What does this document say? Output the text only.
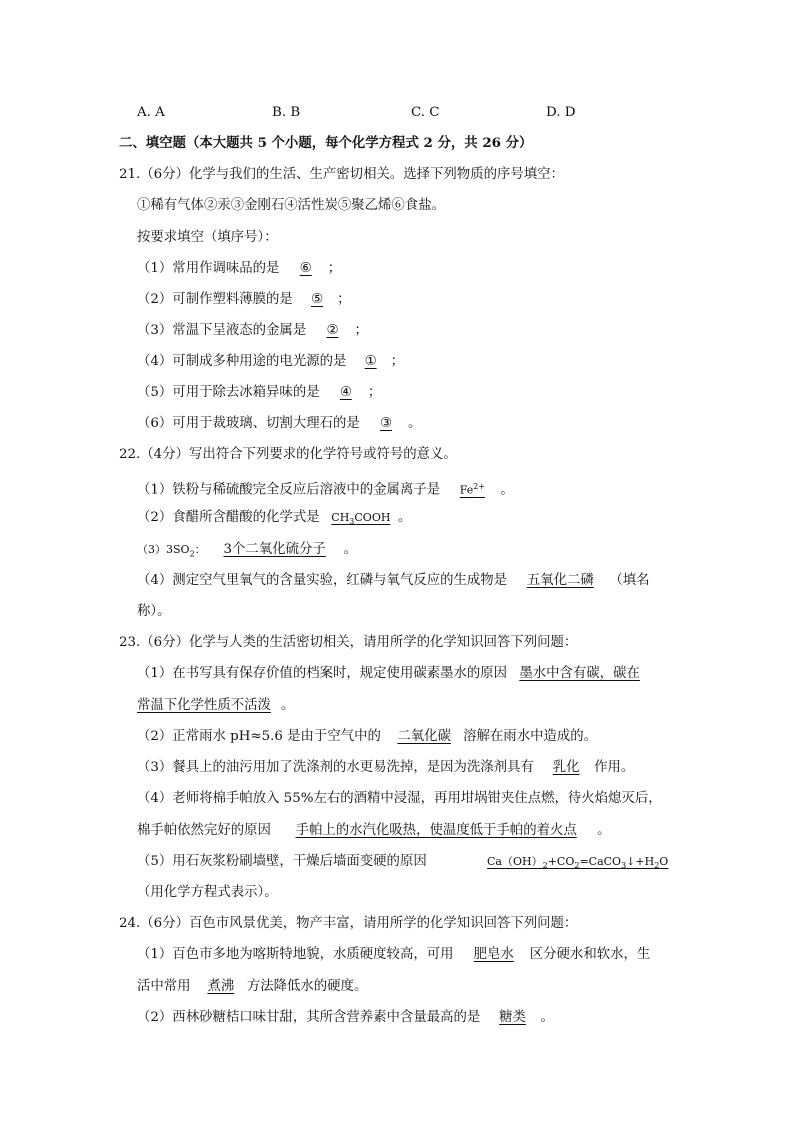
A. A	B. B	C. C	D. D
二、填空题（本大题共 5 个小题，每个化学方程式 2 分，共 26 分）
21.（6分）化学与我们的生活、生产密切相关。选择下列物质的序号填空：
①稀有气体②汞③金刚石④活性炭⑤聚乙烯⑥食盐。
按要求填空（填序号）：
（1）常用作调味品的是 ⑥ ；
（2）可制作塑料薄膜的是 ⑤ ；
（3）常温下呈液态的金属是 ② ；
（4）可制成多种用途的电光源的是 ① ；
（5）可用于除去冰箱异味的是 ④ ；
（6）可用于裁玻璃、切割大理石的是 ③ 。
22.（4分）写出符合下列要求的化学符号或符号的意义。
（1）铁粉与稀硫酸完全反应后溶液中的金属离子是 $Fe^{2+}$ 。
（2）食醋所含醋酸的化学式是 $CH_3COOH$ 。
$(3)3SO_2$： 3个二氧化硫分子 。
（4）测定空气里氧气的含量实验，红磷与氧气反应的生成物是 五氧化二磷 （填名
称）。
23.（6分）化学与人类的生活密切相关，请用所学的化学知识回答下列问题：
（1）在书写具有保存价值的档案时，规定使用碳素墨水的原因 墨水中含有碳，碳在
常温下化学性质不活泼 。
（2）正常雨水 pH≈5.6 是由于空气中的 二氧化碳 溶解在雨水中造成的。
（3）餐具上的油污用加了洗涤剂的水更易洗掉，是因为洗涤剂具有 乳化 作用。
（4）老师将棉手帕放入 55%左右的酒精中浸湿，再用坩埚钳夹住点燃，待火焰熄灭后，
棉手帕依然完好的原因 手帕上的水汽化吸热，使温度低于手帕的着火点 。
（5）用石灰浆粉刷墙壁，干燥后墙面变硬的原因	$Ca(OH)_2+CO_2=CaCO_3↓+H_2O$
（用化学方程式表示）。
24.（6分）百色市风景优美，物产丰富，请用所学的化学知识回答下列问题：
（1）百色市多地为喀斯特地貌，水质硬度较高，可用 肥皂水 区分硬水和软水，生
活中常用 煮沸 方法降低水的硬度。
（2）西林砂糖桔口味甘甜，其所含营养素中含量最高的是 糖类 。
